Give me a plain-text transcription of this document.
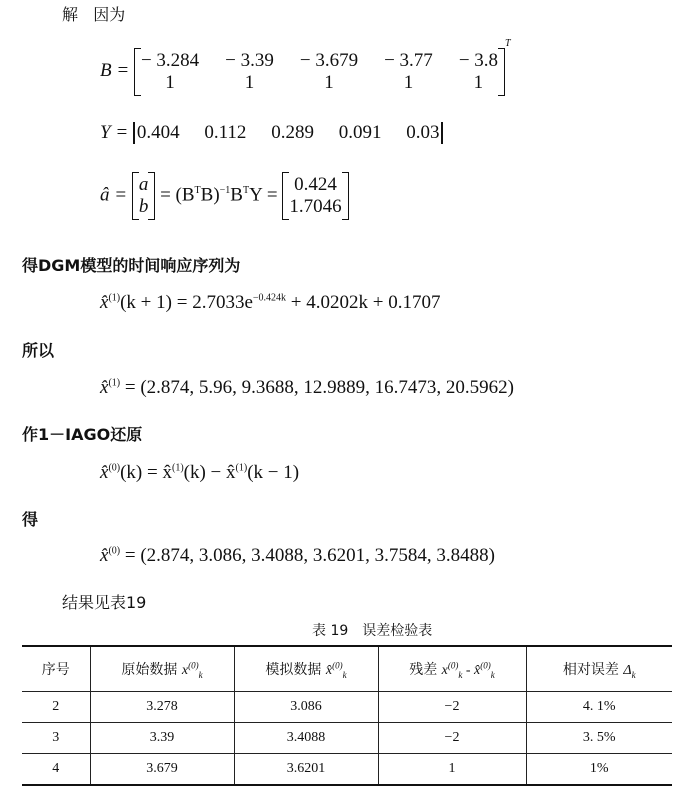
解 因为
B = − 3.284 − 3.39 − 3.679 − 3.77 − 3.8
1	1	1	1	1
$^T$
Y = 0.404 0.112 0.289 0.091 0.03
â = a
b
= $(B^TB)^{-1}B^TY = 0.424$
1.7046
得DGM模型的时间响应序列为
x̂$^{(1)}$(k + $1) = 2.7033e^{-0.424k} + 4.0202k + 0.1707$
所以
x̂$^{(1)}$ = (2.874, 5.96, 9.3688, 12.9889, 16.7473, 20.5962)
作1－IAGO还原
x̂$^{(0)}$(k) = x̂$^{(1)}$(k) − x̂$^{(1)}$(k − 1)
得
x̂$^{(0)}$ = (2.874, 3.086, 3.4088, 3.6201, 3.7584, 3.8488)
结果见表19
表 19　误差检验表
序号	原始数据 $x^{(0)}_k$	模拟数据 x̂$^{(0)}_k$	残差 $x^{(0)}_k$ - x̂$^{(0)}_k$	相对误差 $\Delta_k$
2	3.278	3.086	−2	4. 1%
3	3.39	3.4088	−2	3. 5%
4	3.679	3.6201	1	1%
